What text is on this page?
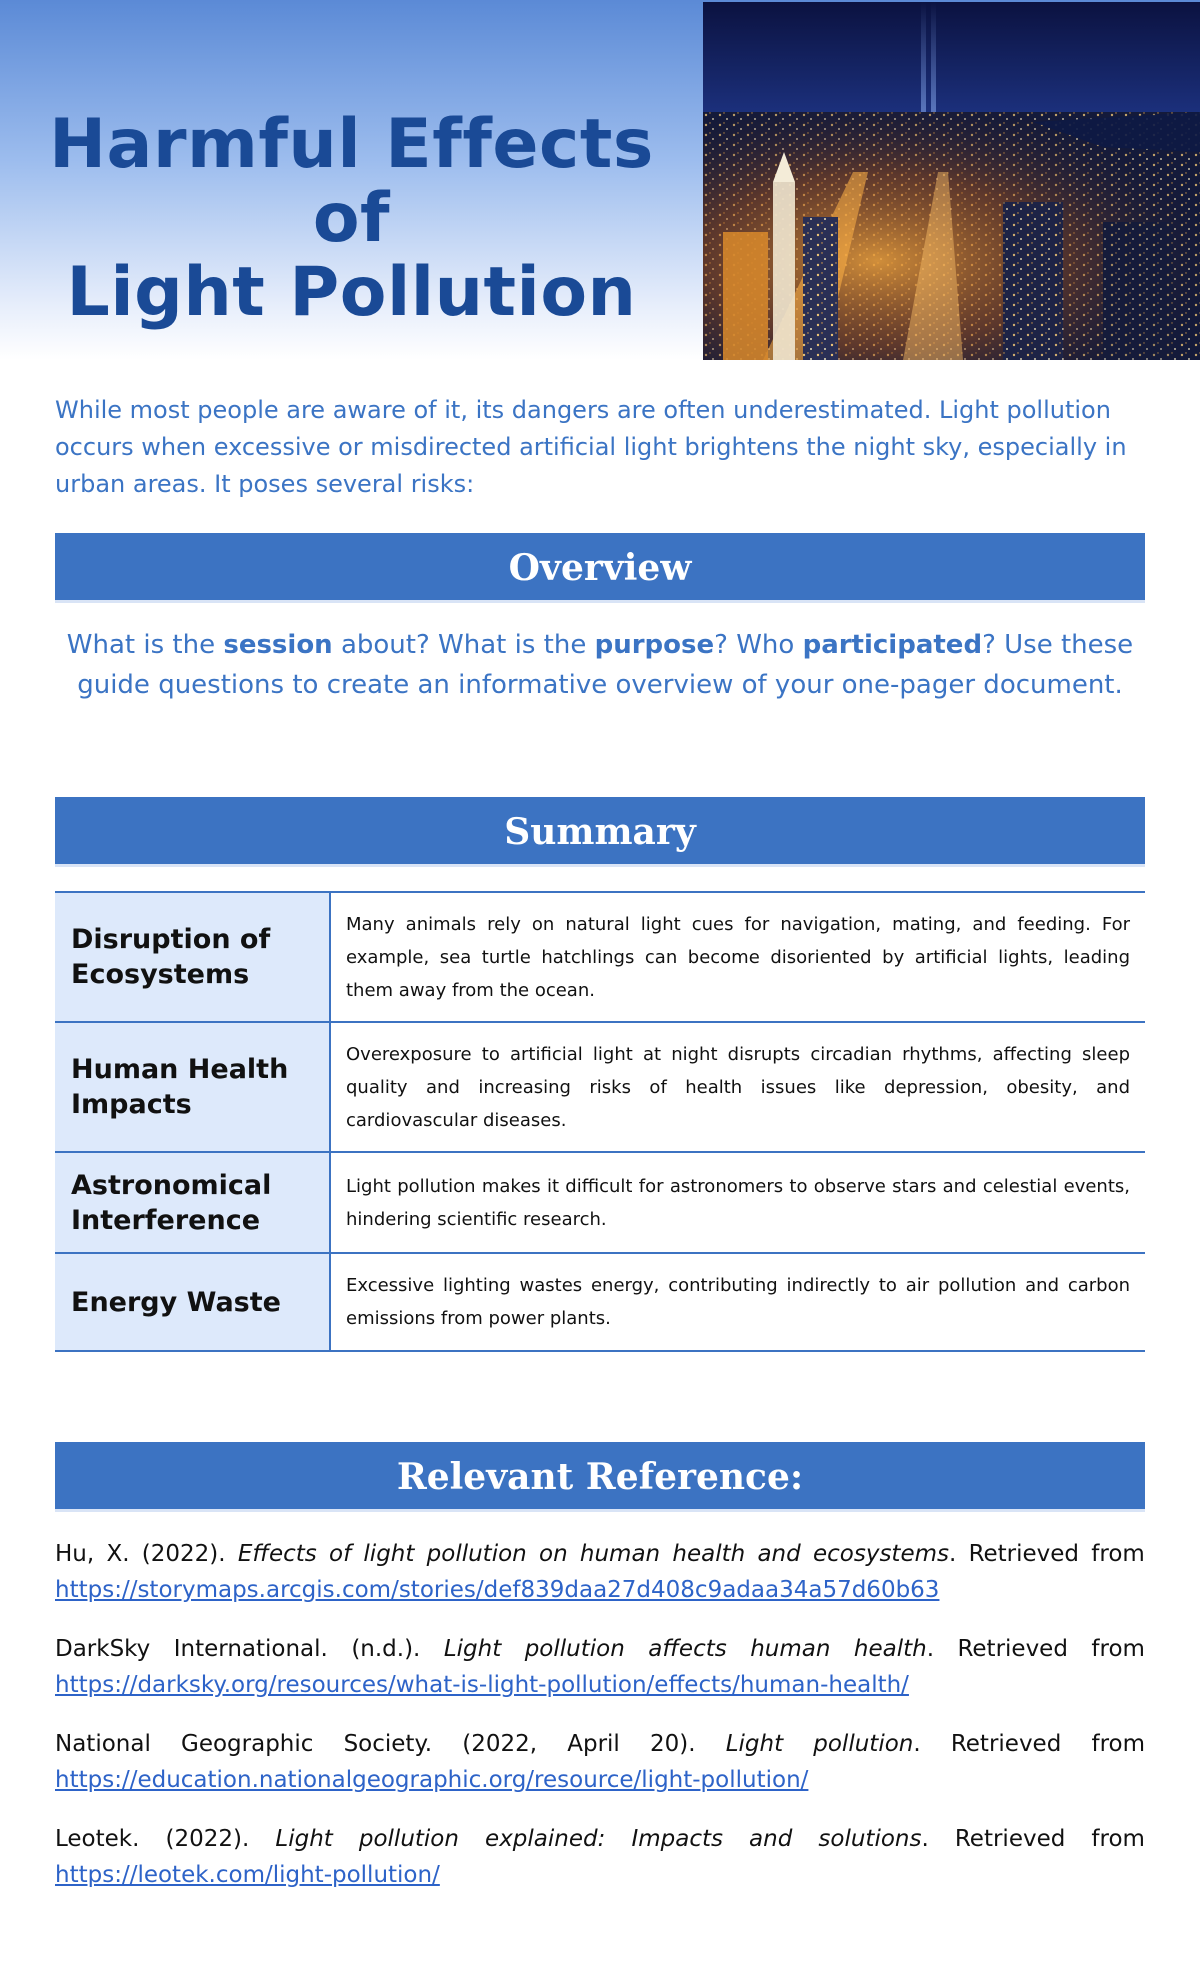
Harmful Effects of
Light Pollution

While most people are aware of it, its dangers are often underestimated. Light pollution occurs when excessive or misdirected artificial light brightens the night sky, especially in urban areas. It poses several risks:

Overview

What is the session about? What is the purpose? Who participated? Use these guide questions to create an informative overview of your one-pager document.

Summary
Disruption of Ecosystems	Many animals rely on natural light cues for navigation, mating, and feeding. For example, sea turtle hatchlings can become disoriented by artificial lights, leading them away from the ocean.
Human Health Impacts	Overexposure to artificial light at night disrupts circadian rhythms, affecting sleep quality and increasing risks of health issues like depression, obesity, and cardiovascular diseases.
Astronomical Interference	Light pollution makes it difficult for astronomers to observe stars and celestial events, hindering scientific research.
Energy Waste	Excessive lighting wastes energy, contributing indirectly to air pollution and carbon emissions from power plants.
Relevant Reference:
Hu, X. (2022). Effects of light pollution on human health and ecosystems. Retrieved from
https://storymaps.arcgis.com/stories/def839daa27d408c9adaa34a57d60b63
DarkSky International. (n.d.). Light pollution affects human health. Retrieved from
https://darksky.org/resources/what-is-light-pollution/effects/human-health/
National Geographic Society. (2022, April 20). Light pollution. Retrieved from
https://education.nationalgeographic.org/resource/light-pollution/
Leotek. (2022). Light pollution explained: Impacts and solutions. Retrieved from
https://leotek.com/light-pollution/
